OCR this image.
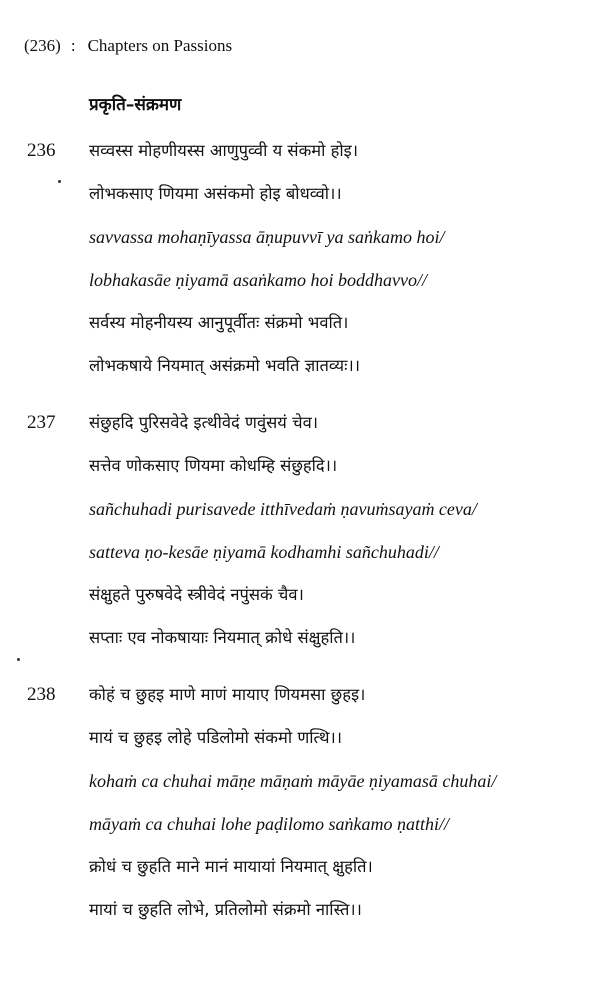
(236) : Chapters on Passions
प्रकृति–संक्रमण
236 सव्वस्स मोहणीयस्स आणुपुव्वी य संकमो होइ।
लोभकसाए णियमा असंकमो होइ बोधव्वो।।
savvassa mohaṇīyassa āṇupuvvī ya saṅkamo hoi/
lobhakasāe ṇiyamā asaṅkamo hoi boddhavvo//
सर्वस्य मोहनीयस्य आनुपूर्वीतः संक्रमो भवति।
लोभकषाये नियमात् असंक्रमो भवति ज्ञातव्यः।।
237 संछुहदि पुरिसवेदे इत्थीवेदं णवुंसयं चेव।
सत्तेव णोकसाए णियमा कोधम्हि संछुहदि।।
sañchuhadi purisavede itthīvedaṁ ṇavuṁsayaṁ ceva/
satteva ṇo-kesāe ṇiyamā kodhamhi sañchuhadi//
संक्षुहते पुरुषवेदे स्त्रीवेदं नपुंसकं चैव।
सप्ताः एव नोकषायाः नियमात् क्रोधे संक्षुहति।।
238 कोहं च छुहइ माणे माणं मायाए णियमसा छुहइ।
मायं च छुहइ लोहे पडिलोमो संकमो णत्थि।।
kohaṁ ca chuhai māṇe māṇaṁ māyāe ṇiyamasā chuhai/
māyaṁ ca chuhai lohe paḍilomo saṅkamo ṇatthi//
क्रोधं च छुहति माने मानं मायायां नियमात् क्षुहति।
मायां च छुहति लोभे, प्रतिलोमो संक्रमो नास्ति।।
